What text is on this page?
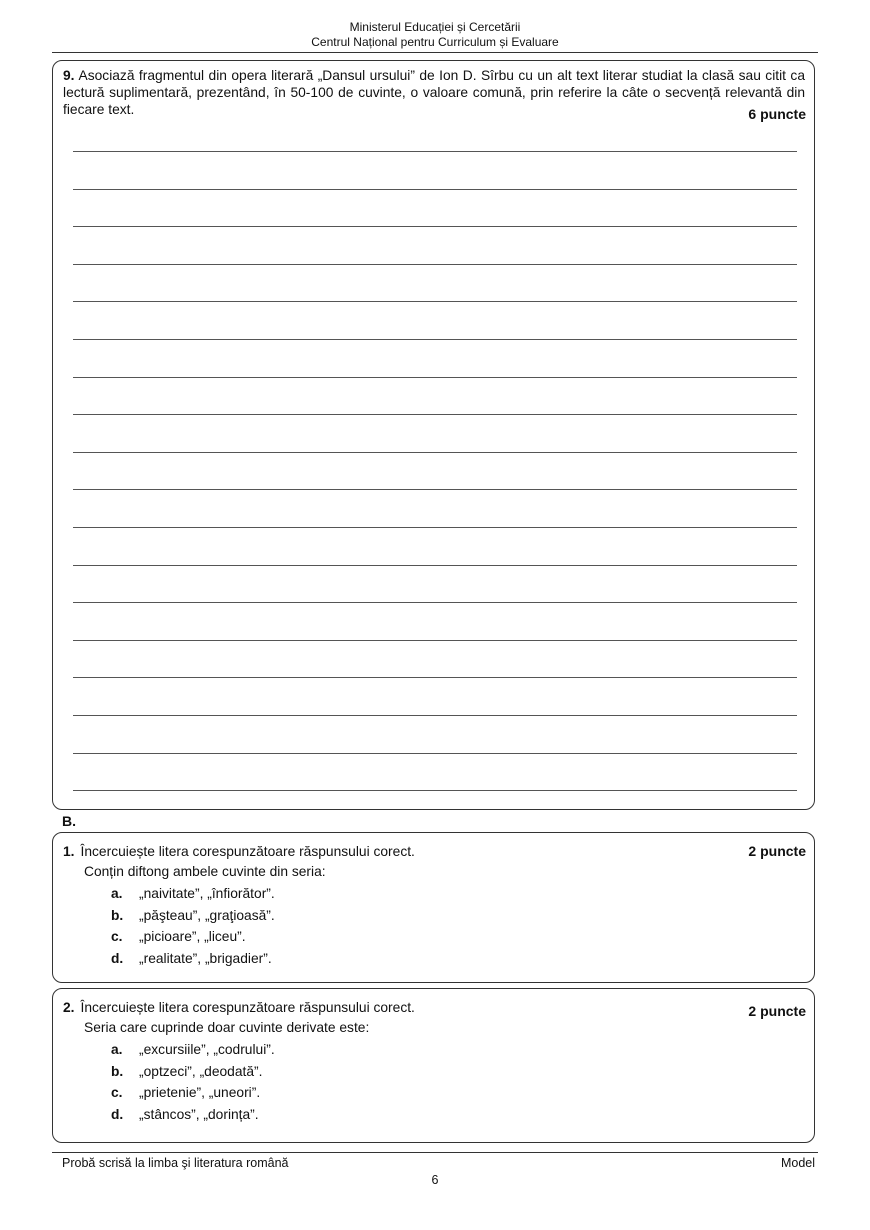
Ministerul Educației și Cercetării
Centrul Național pentru Curriculum și Evaluare
9. Asociază fragmentul din opera literară „Dansul ursului” de Ion D. Sîrbu cu un alt text literar studiat la clasă sau citit ca lectură suplimentară, prezentând, în 50-100 de cuvinte, o valoare comună, prin referire la câte o secvență relevantă din fiecare text.	6 puncte
B.
1. Încercuiește litera corespunzătoare răspunsului corect.	2 puncte
Conțin diftong ambele cuvinte din seria:
a. „naivitate”, „înfiorător”.
b. „păşteau”, „graţioasă”.
c. „picioare”, „liceu”.
d. „realitate”, „brigadier”.
2. Încercuiește litera corespunzătoare răspunsului corect.	2 puncte
Seria care cuprinde doar cuvinte derivate este:
a. „excursiile”, „codrului”.
b. „optzeci”, „deodată”.
c. „prietenie”, „uneori”.
d. „stâncos”, „dorința”.
Probă scrisă la limba şi literatura română	Model
6
